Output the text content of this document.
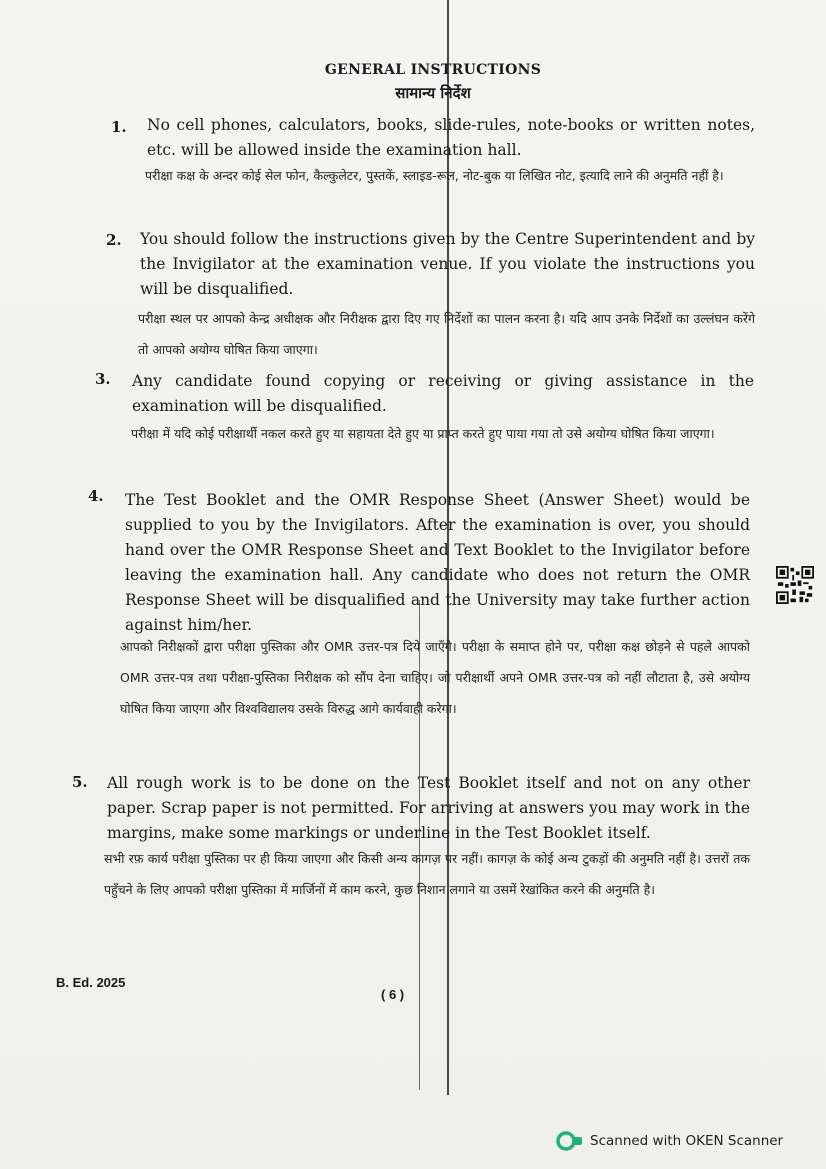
GENERAL INSTRUCTIONS
सामान्य निर्देश
1. No cell phones, calculators, books, slide-rules, note-books or written notes, etc. will be allowed inside the examination hall.
परीक्षा कक्ष के अन्दर कोई सेल फोन, कैल्कुलेटर, पुस्तकें, स्लाइड-रूल, नोट-बुक या लिखित नोट, इत्यादि लाने की अनुमति नहीं है।
2. You should follow the instructions given by the Centre Superintendent and by the Invigilator at the examination venue. If you violate the instructions you will be disqualified.
परीक्षा स्थल पर आपको केन्द्र अधीक्षक और निरीक्षक द्वारा दिए गए निर्देशों का पालन करना है। यदि आप उनके निर्देशों का उल्लंघन करेंगे तो आपको अयोग्य घोषित किया जाएगा।
3. Any candidate found copying or receiving or giving assistance in the examination will be disqualified.
परीक्षा में यदि कोई परीक्षार्थी नकल करते हुए या सहायता देते हुए या प्राप्त करते हुए पाया गया तो उसे अयोग्य घोषित किया जाएगा।
4. The Test Booklet and the OMR Response Sheet (Answer Sheet) would be supplied to you by the Invigilators. After the examination is over, you should hand over the OMR Response Sheet and Text Booklet to the Invigilator before leaving the examination hall. Any candidate who does not return the OMR Response Sheet will be disqualified and the University may take further action against him/her.
आपको निरीक्षकों द्वारा परीक्षा पुस्तिका और OMR उत्तर-पत्र दिये जाएँगे। परीक्षा के समाप्त होने पर, परीक्षा कक्ष छोड़ने से पहले आपको OMR उत्तर-पत्र तथा परीक्षा-पुस्तिका निरीक्षक को सौंप देना चाहिए। जो परीक्षार्थी अपने OMR उत्तर-पत्र को नहीं लौटाता है, उसे अयोग्य घोषित किया जाएगा और विश्वविद्यालय उसके विरुद्ध आगे कार्यवाही करेगा।
5. All rough work is to be done on the Test Booklet itself and not on any other paper. Scrap paper is not permitted. For arriving at answers you may work in the margins, make some markings or underline in the Test Booklet itself.
सभी रफ़ कार्य परीक्षा पुस्तिका पर ही किया जाएगा और किसी अन्य कागज़ पर नहीं। कागज़ के कोई अन्य टुकड़ों की अनुमति नहीं है। उत्तरों तक पहुँचने के लिए आपको परीक्षा पुस्तिका में मार्जिनों में काम करने, कुछ निशान लगाने या उसमें रेखांकित करने की अनुमति है।
B. Ed. 2025
( 6 )
Scanned with OKEN Scanner
